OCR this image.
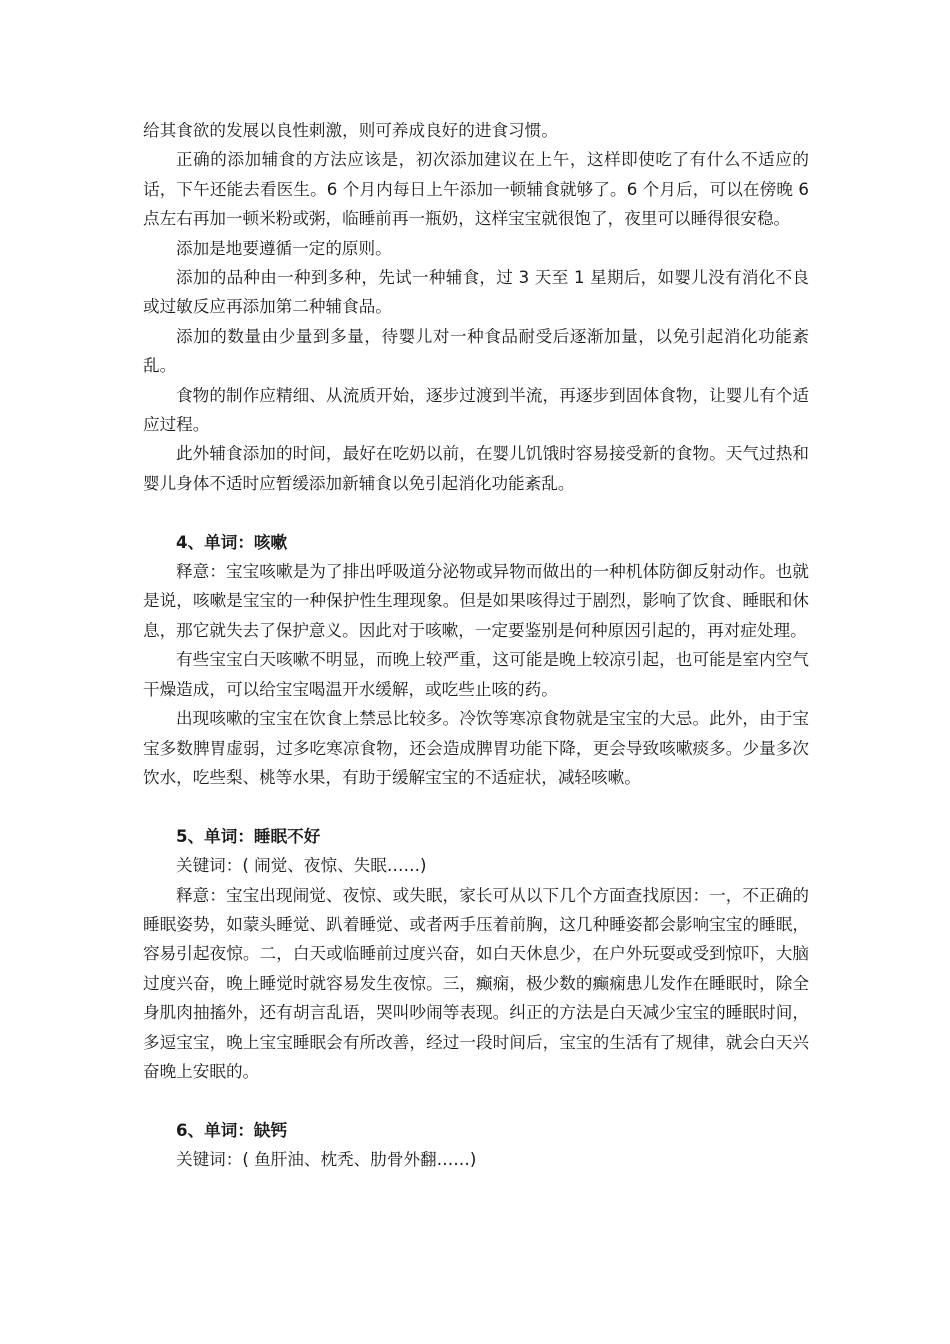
给其食欲的发展以良性刺激，则可养成良好的进食习惯。

正确的添加辅食的方法应该是，初次添加建议在上午，这样即使吃了有什么不适应的话，下午还能去看医生。6 个月内每日上午添加一顿辅食就够了。6 个月后，可以在傍晚 6 点左右再加一顿米粉或粥，临睡前再一瓶奶，这样宝宝就很饱了，夜里可以睡得很安稳。

添加是地要遵循一定的原则。

添加的品种由一种到多种，先试一种辅食，过 3 天至 1 星期后，如婴儿没有消化不良或过敏反应再添加第二种辅食品。

添加的数量由少量到多量，待婴儿对一种食品耐受后逐渐加量，以免引起消化功能紊乱。

食物的制作应精细、从流质开始，逐步过渡到半流，再逐步到固体食物，让婴儿有个适应过程。

此外辅食添加的时间，最好在吃奶以前，在婴儿饥饿时容易接受新的食物。天气过热和婴儿身体不适时应暂缓添加新辅食以免引起消化功能紊乱。

4、单词：咳嗽

释意：宝宝咳嗽是为了排出呼吸道分泌物或异物而做出的一种机体防御反射动作。也就是说，咳嗽是宝宝的一种保护性生理现象。但是如果咳得过于剧烈，影响了饮食、睡眠和休息，那它就失去了保护意义。因此对于咳嗽，一定要鉴别是何种原因引起的，再对症处理。

有些宝宝白天咳嗽不明显，而晚上较严重，这可能是晚上较凉引起，也可能是室内空气干燥造成，可以给宝宝喝温开水缓解，或吃些止咳的药。

出现咳嗽的宝宝在饮食上禁忌比较多。冷饮等寒凉食物就是宝宝的大忌。此外，由于宝宝多数脾胃虚弱，过多吃寒凉食物，还会造成脾胃功能下降，更会导致咳嗽痰多。少量多次饮水，吃些梨、桃等水果，有助于缓解宝宝的不适症状，减轻咳嗽。

5、单词：睡眠不好

关键词：( 闹觉、夜惊、失眠……)

释意：宝宝出现闹觉、夜惊、或失眠，家长可从以下几个方面查找原因：一，不正确的睡眠姿势，如蒙头睡觉、趴着睡觉、或者两手压着前胸，这几种睡姿都会影响宝宝的睡眠，容易引起夜惊。二，白天或临睡前过度兴奋，如白天休息少，在户外玩耍或受到惊吓，大脑过度兴奋，晚上睡觉时就容易发生夜惊。三，癫痫，极少数的癫痫患儿发作在睡眠时，除全身肌肉抽搐外，还有胡言乱语，哭叫吵闹等表现。纠正的方法是白天减少宝宝的睡眠时间，多逗宝宝，晚上宝宝睡眠会有所改善，经过一段时间后，宝宝的生活有了规律，就会白天兴奋晚上安眠的。

6、单词：缺钙

关键词：( 鱼肝油、枕秃、肋骨外翻……)
